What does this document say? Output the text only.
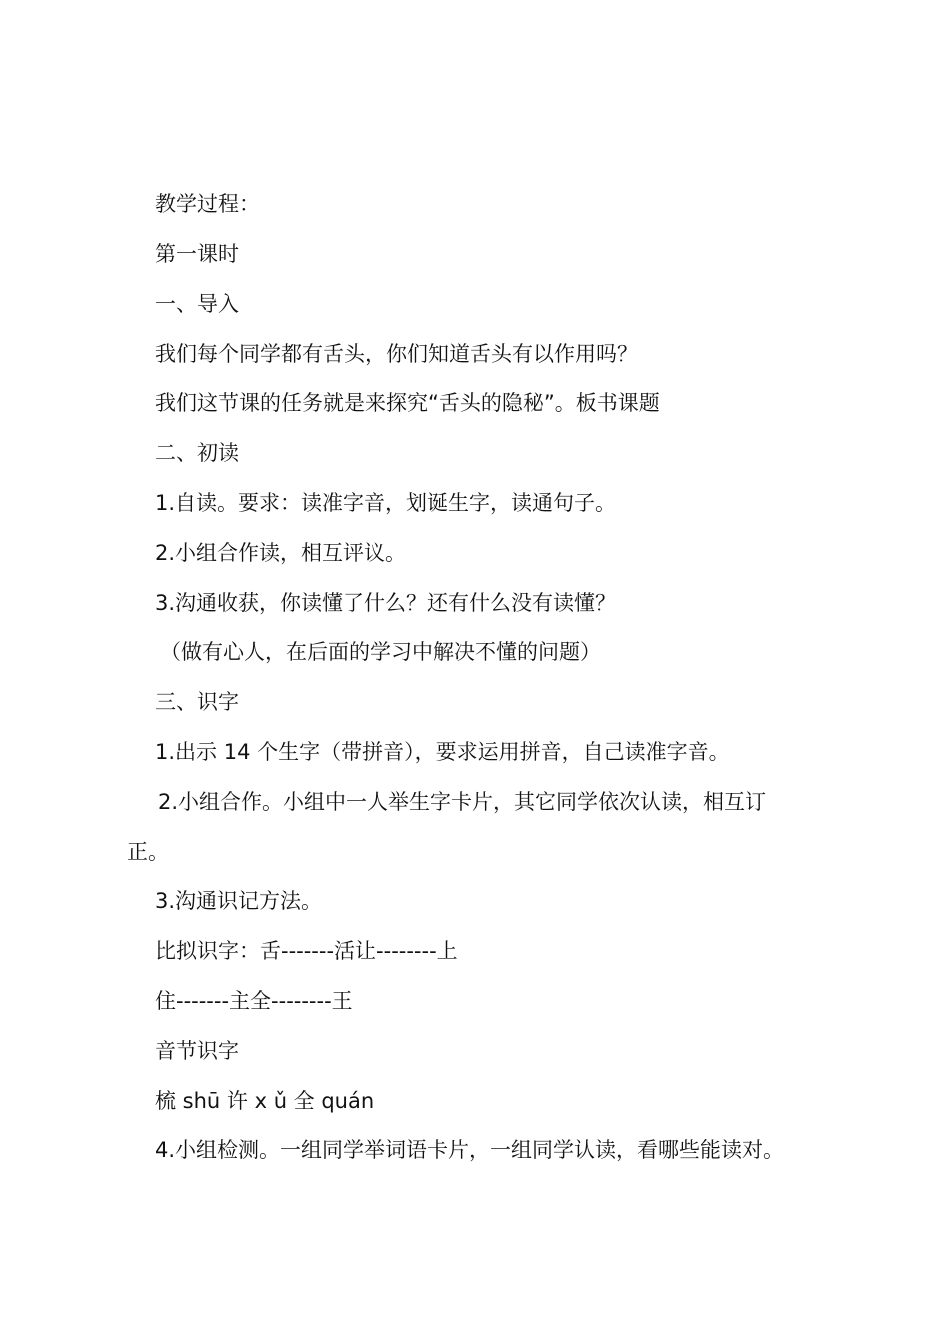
教学过程：
第一课时
一、导入
我们每个同学都有舌头，你们知道舌头有以作用吗？
我们这节课的任务就是来探究“舌头的隐秘”。板书课题
二、初读
1.自读。要求：读准字音，划诞生字，读通句子。
2.小组合作读，相互评议。
3.沟通收获，你读懂了什么？还有什么没有读懂？
（做有心人，在后面的学习中解决不懂的问题）
三、识字
1.出示 14 个生字（带拼音），要求运用拼音，自己读准字音。
2.小组合作。小组中一人举生字卡片，其它同学依次认读，相互订
正。
3.沟通识记方法。
比拟识字：舌-------活让--------上
住-------主全--------王
音节识字
梳 shū 许 x ǔ 全 quán
4.小组检测。一组同学举词语卡片，一组同学认读，看哪些能读对。
